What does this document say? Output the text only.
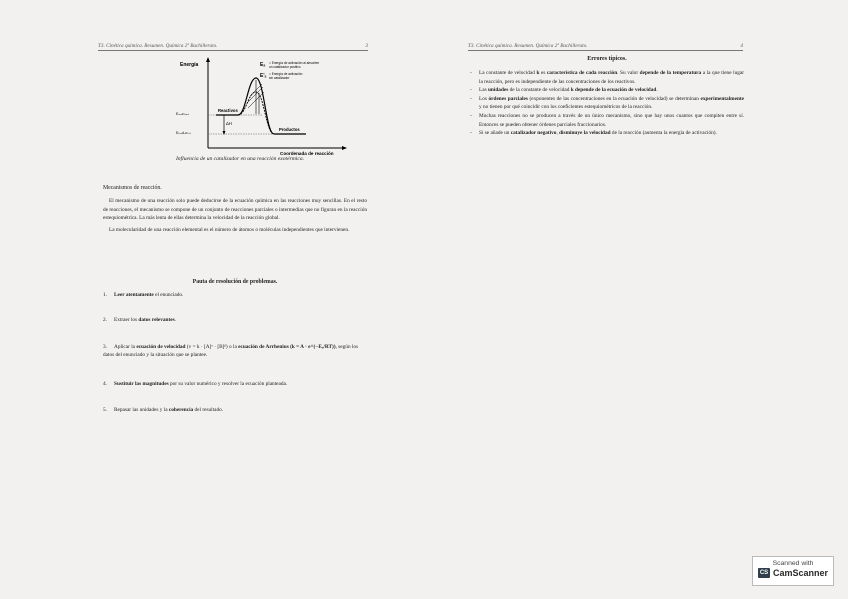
T3. Cinética química. Resumen. Química 2º Bachillerato.	3
Energía	Eₐ = Energía de activación al absorber
un catalizador positivo
E'ₐ = Energía de activación
sin catalizador
Reactivos
Productos
ΔH
Eᵣₑₐcₜᵢᵥₒₛ
Eₚᵣₒdᵤcₜₒₛ
Coordenada de reacción
Influencia de un catalizador en una reacción exotérmica.
Mecanismos de reacción.
El mecanismo de una reacción solo puede deducirse de la ecuación química en las reacciones muy sencillas. En el resto de reacciones, el mecanismo se compone de un conjunto de reacciones parciales o intermedias que no figuran en la reacción estequiométrica. La más lenta de ellas determina la velocidad de la reacción global.
La molecularidad de una reacción elemental es el número de átomos o moléculas independientes que intervienen.
Pauta de resolución de problemas.
1. Leer atentamente el enunciado.
2. Extraer los datos relevantes.
3. Aplicar la ecuación de velocidad (v = k · [A]ᵅ · [B]ᵝ) o la ecuación de Arrhenius (k = A · e^(−Eₐ/RT)), según los datos del enunciado y la situación que se plantee.
4. Sustituir las magnitudes por su valor numérico y resolver la ecuación planteada.
5. Repasar las unidades y la coherencia del resultado.
T3. Cinética química. Resumen. Química 2º Bachillerato.	4
Errores típicos.
- La constante de velocidad k es característica de cada reacción. Su valor depende de la temperatura a la que tiene lugar la reacción, pero es independiente de las concentraciones de los reactivos.
- Las unidades de la constante de velocidad k depende de la ecuación de velocidad.
- Los órdenes parciales (exponentes de las concentraciones en la ecuación de velocidad) se determinan experimentalmente y no tienen por qué coincidir con los coeficientes estequiométricos de la reacción.
- Muchas reacciones no se producen a través de un único mecanismo, sino que hay unos cuantos que compiten entre sí. Entonces se pueden obtener órdenes parciales fraccionarios.
- Si se añade un catalizador negativo, disminuye la velocidad de la reacción (aumenta la energía de activación).
Scanned with
CS CamScanner
